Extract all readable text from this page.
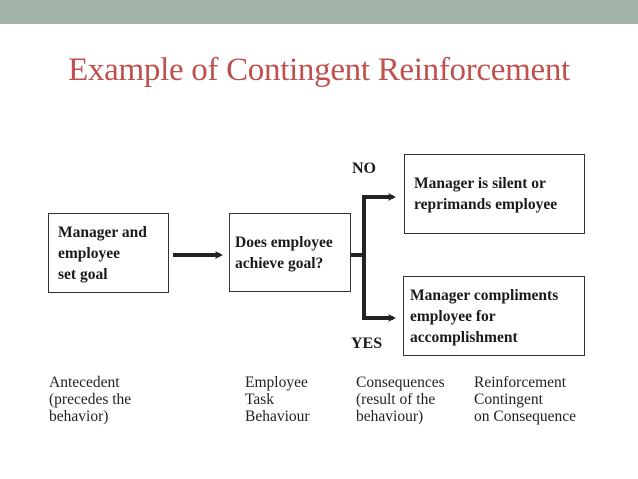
Example of Contingent Reinforcement
Manager and
employee
set goal
Does employee
achieve goal?
Manager is silent or
reprimands employee
Manager compliments
employee for
accomplishment
NO
YES
Antecedent
(precedes the
behavior)
Employee
Task
Behaviour
Consequences
(result of the
behaviour)
Reinforcement
Contingent
on Consequence
